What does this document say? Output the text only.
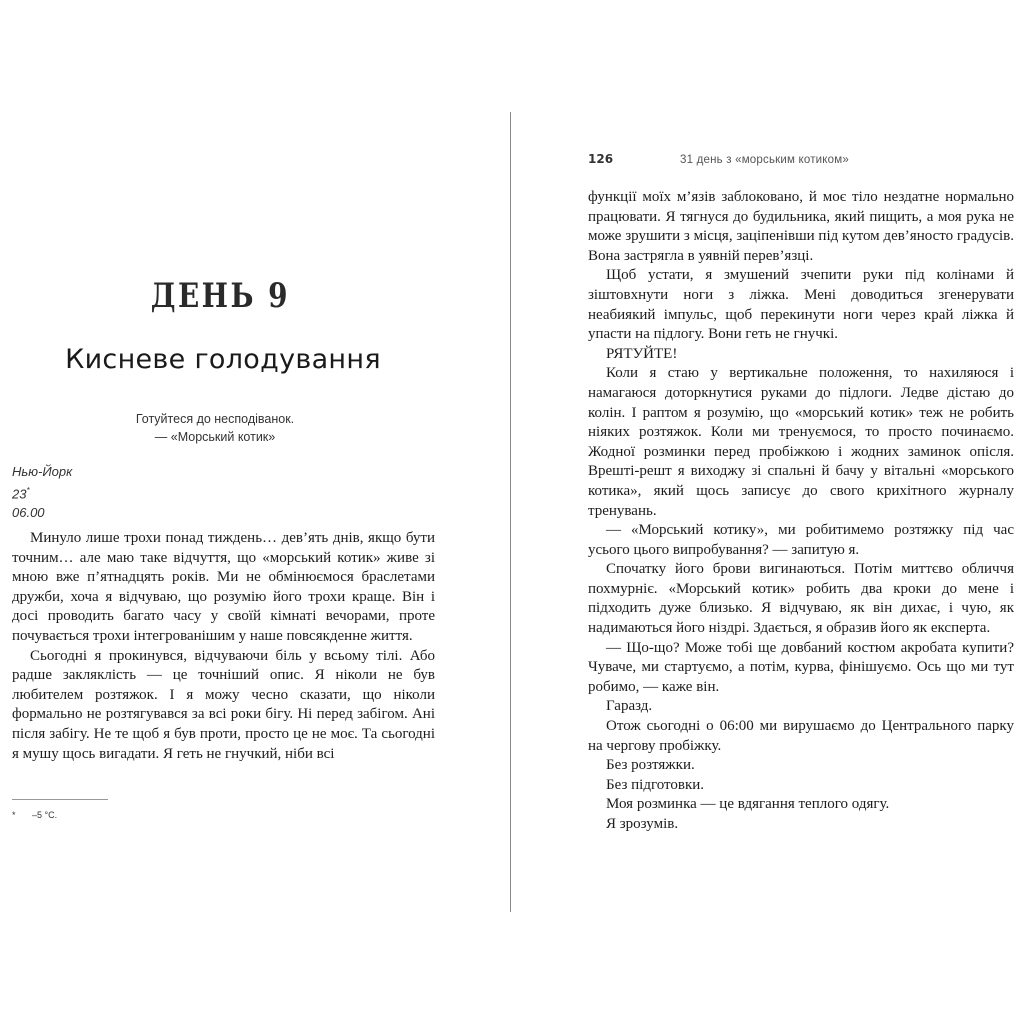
ДЕНЬ 9
Кисневе голодування
Готуйтеся до несподіванок.
— «Морський котик»
Нью-Йорк
23*
06.00

Минуло лише трохи понад тиждень… дев’ять днів, якщо бути точним… але маю таке відчуття, що «морський котик» живе зі мною вже п’ятнадцять років. Ми не обмінюємося браслетами дружби, хоча я відчуваю, що розумію його трохи краще. Він і досі проводить багато часу у своїй кімнаті вечорами, проте почувається трохи інтегрованішим у наше повсякденне життя.

Сьогодні я прокинувся, відчуваючи біль у всьому тілі. Або радше заклякліcть — це точніший опис. Я ніколи не був любителем розтяжок. І я можу чесно сказати, що ніколи формально не розтягувався за всі роки бігу. Ні перед забігом. Ані після забігу. Не те щоб я був проти, просто це не моє. Та сьогодні я мушу щось вигадати. Я геть не гнучкий, ніби всі

* –5 °C.
126	31 день з «морським котиком»

функції моїх м’язів заблоковано, й моє тіло нездатне нормально працювати. Я тягнуся до будильника, який пищить, а моя рука не може зрушити з місця, заціпенівши під кутом дев’яносто градусів. Вона застрягла в уявній перев’язці.

Щоб устати, я змушений зчепити руки під колінами й зіштовхнути ноги з ліжка. Мені доводиться згенерувати неабиякий імпульс, щоб перекинути ноги через край ліжка й упасти на підлогу. Вони геть не гнучкі.

РЯТУЙТЕ!

Коли я стаю у вертикальне положення, то нахиляюся і намагаюся доторкнутися руками до підлоги. Ледве дістаю до колін. І раптом я розумію, що «морський котик» теж не робить ніяких розтяжок. Коли ми тренуємося, то просто починаємо. Жодної розминки перед пробіжкою і жодних заминок опісля. Врешті-решт я виходжу зі спальні й бачу у вітальні «морського котика», який щось записує до свого крихітного журналу тренувань.

— «Морський котику», ми робитимемо розтяжку під час усього цього випробування? — запитую я.

Спочатку його брови вигинаються. Потім миттєво обличчя похмурніє. «Морський котик» робить два кроки до мене і підходить дуже близько. Я відчуваю, як він дихає, і чую, як надимаються його ніздрі. Здається, я образив його як експерта.

— Що-що? Може тобі ще довбаний костюм акробата купити? Чуваче, ми стартуємо, а потім, курва, фінішуємо. Ось що ми тут робимо, — каже він.

Гаразд.

Отож сьогодні о 06:00 ми вирушаємо до Центрального парку на чергову пробіжку.

Без розтяжки.

Без підготовки.

Моя розминка — це вдягання теплого одягу.

Я зрозумів.
